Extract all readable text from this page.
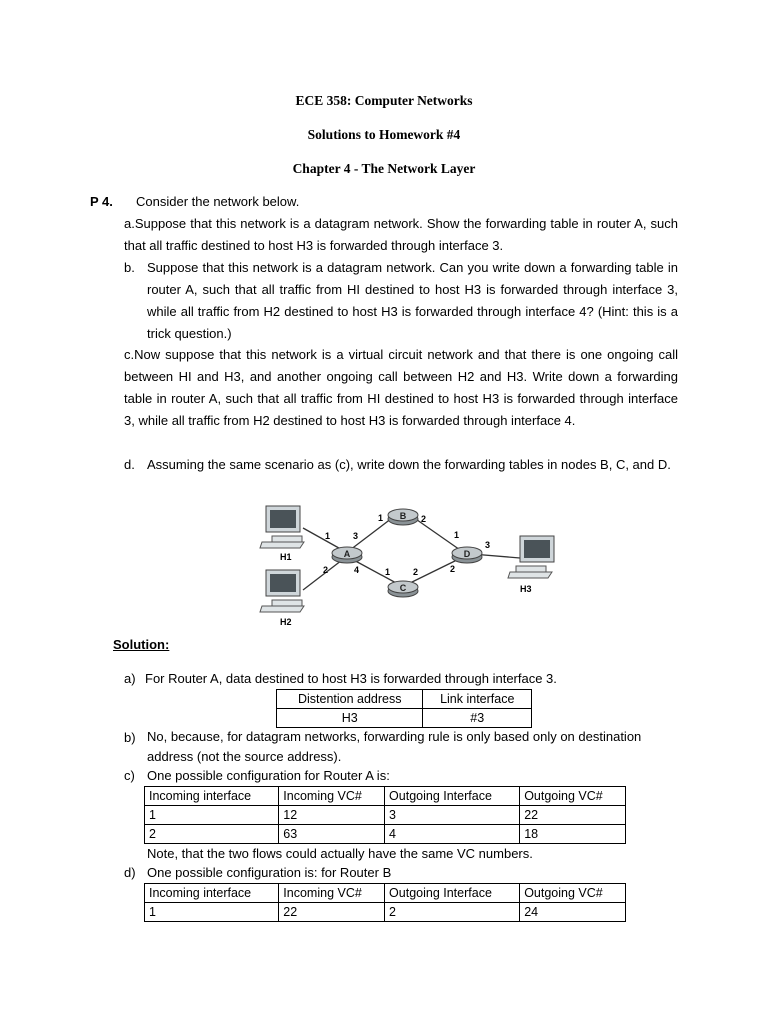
ECE 358: Computer Networks
Solutions to Homework #4
Chapter 4 - The Network Layer
P 4. Consider the network below.
a.Suppose that this network is a datagram network. Show the forwarding table in router A, such that all traffic destined to host H3 is forwarded through interface 3.
b. Suppose that this network is a datagram network. Can you write down a forwarding table in router A, such that all traffic from HI destined to host H3 is forwarded through interface 3, while all traffic from H2 destined to host H3 is forwarded through interface 4? (Hint: this is a trick question.)
c.Now suppose that this network is a virtual circuit network and that there is one ongoing call between HI and H3, and another ongoing call between H2 and H3. Write down a forwarding table in router A, such that all traffic from HI destined to host H3 is forwarded through interface 3, while all traffic from H2 destined to host H3 is forwarded through interface 4.
d. Assuming the same scenario as (c), write down the forwarding tables in nodes B, C, and D.
A
B
C
D
H1
H2
H3
1	3
2	4
1	2
1	2
1
2
3
Solution:
a) For Router A, data destined to host H3 is forwarded through interface 3.
Distention address	Link interface
H3	#3
b) No, because, for datagram networks, forwarding rule is only based only on destination address (not the source address).
c) One possible configuration for Router A is:
Incoming interface	Incoming VC#	Outgoing Interface	Outgoing VC#
1	12	3	22
2	63	4	18
Note, that the two flows could actually have the same VC numbers.
d) One possible configuration is: for Router B
Incoming interface	Incoming VC#	Outgoing Interface	Outgoing VC#
1	22	2	24
